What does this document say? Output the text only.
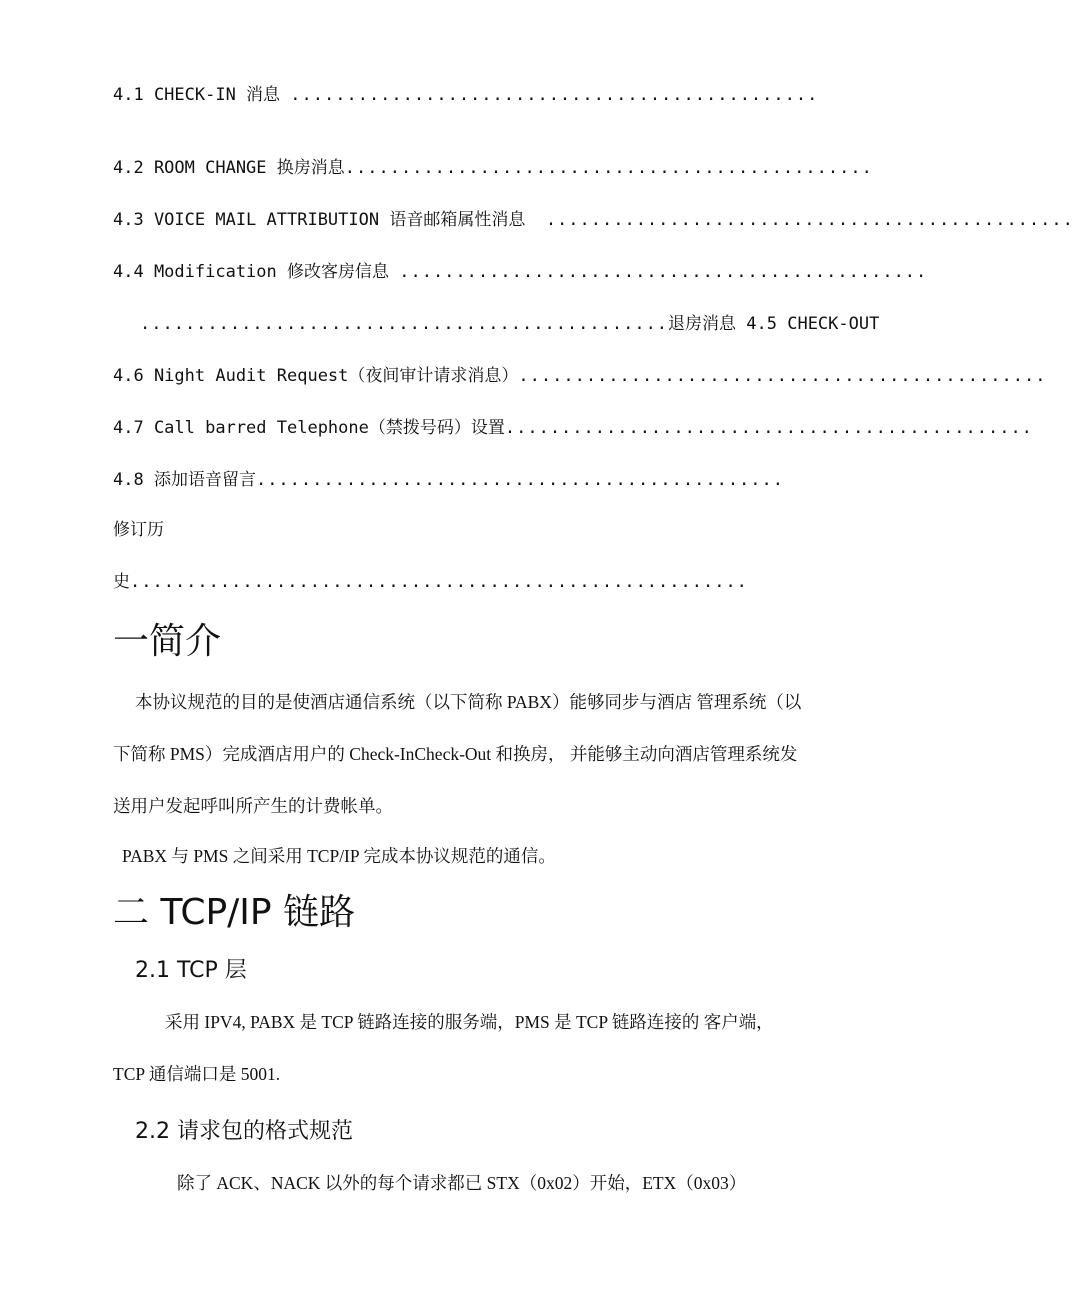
4.1 CHECK-IN 消息 ...............................................
4.2 ROOM CHANGE 换房消息 ...............................................
4.3 VOICE MAIL ATTRIBUTION 语音邮箱属性消息 ...............................................
4.4 Modification 修改客房信息 ...............................................
............................................... 退房消息 4.5 CHECK-OUT
4.6 Night Audit Request（夜间审计请求消息） ...............................................
4.7 Call barred Telephone（禁拨号码）设置 ...............................................
4.8 添加语音留言 ...............................................
修订历
史 .......................................................
一简介

本协议规范的目的是使酒店通信系统（以下简称 PABX）能够同步与酒店 管理系统（以下简称 PMS）完成酒店用户的 Check-InCheck-Out 和换房， 并能够主动向酒店管理系统发送用户发起呼叫所产生的计费帐单。

PABX 与 PMS 之间采用 TCP/IP 完成本协议规范的通信。

二 TCP/IP 链路
2.1 TCP 层

采用 IPV4, PABX 是 TCP 链路连接的服务端，PMS 是 TCP 链路连接的 客户端，TCP 通信端口是 5001.

2.2 请求包的格式规范

除了 ACK、NACK 以外的每个请求都已 STX（0x02）开始，ETX（0x03）
